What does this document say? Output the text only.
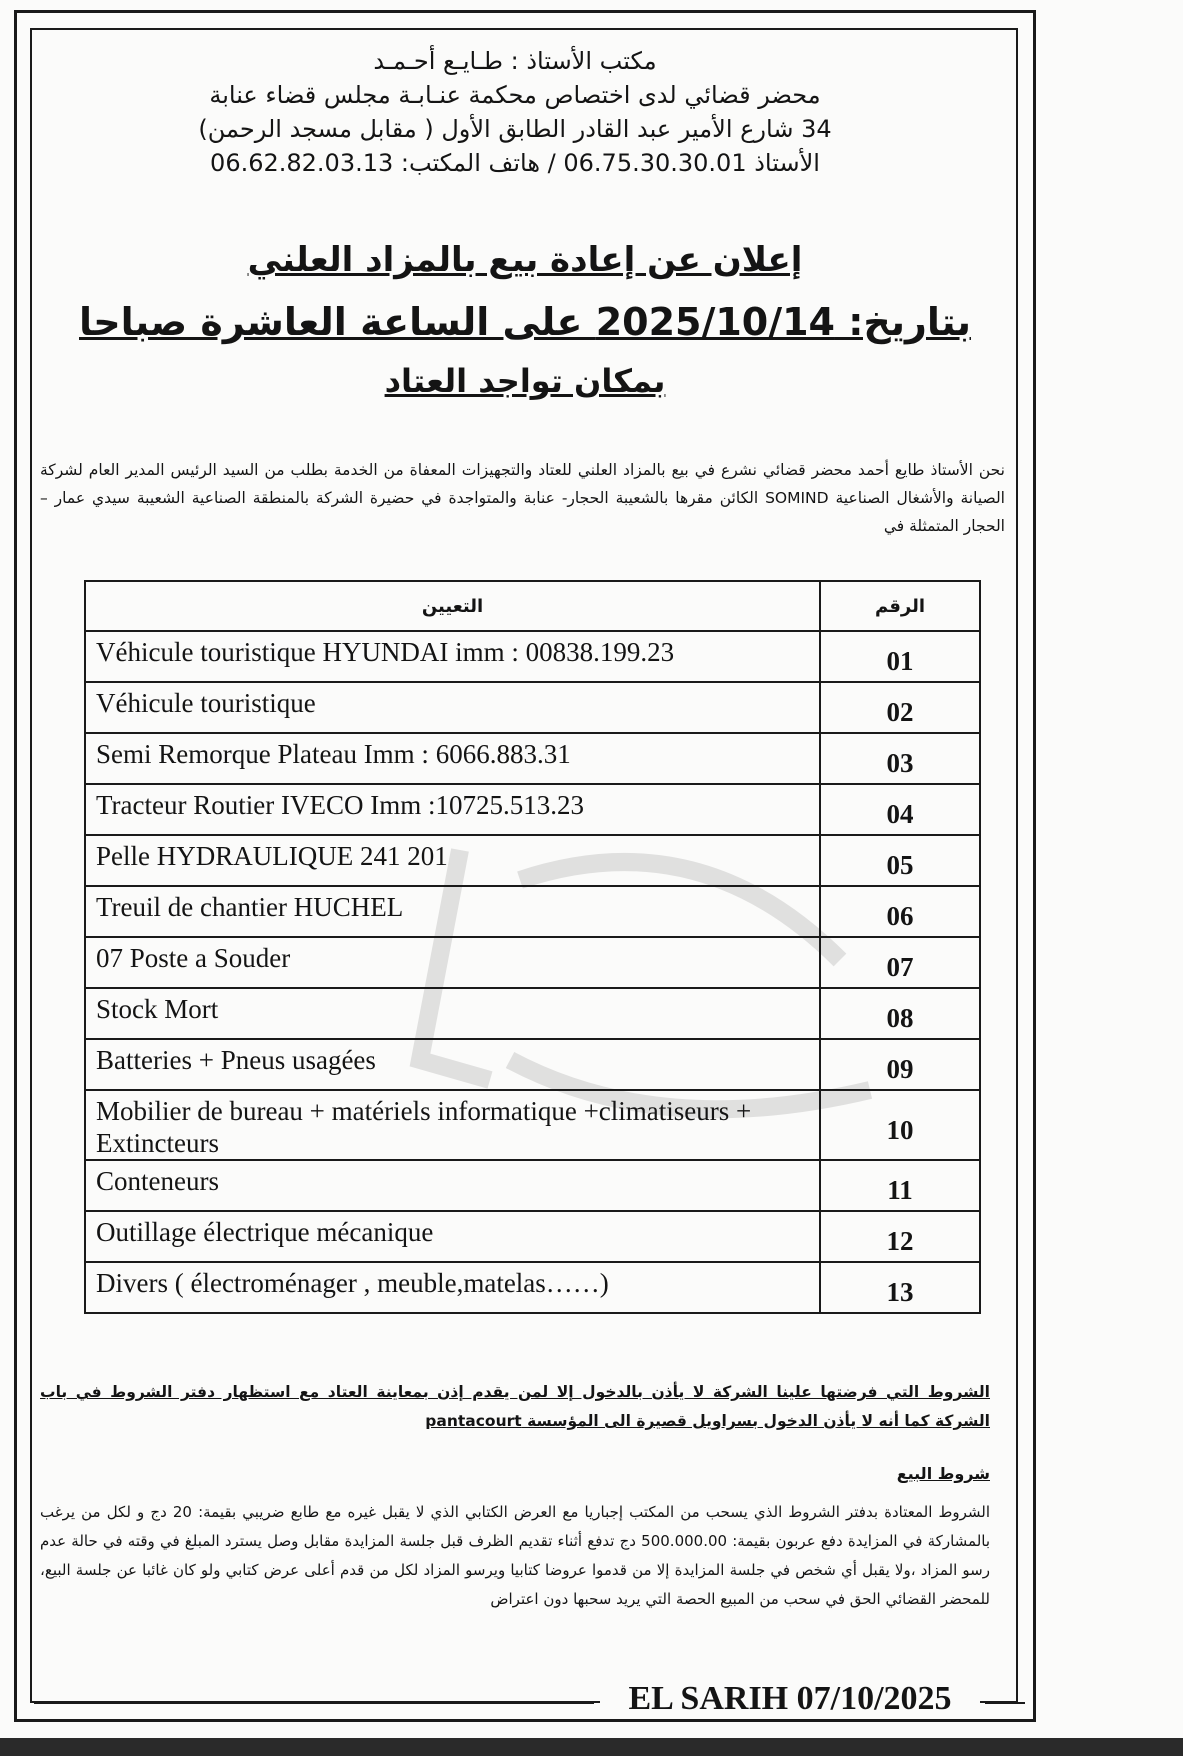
مكتب الأستاذ : طـايـع أحـمـد
محضر قضائي لدى اختصاص محكمة عنـابـة مجلس قضاء عنابة
34 شارع الأمير عبد القادر الطابق الأول ( مقابل مسجد الرحمن)
الأستاذ 06.75.30.30.01 / هاتف المكتب: 06.62.82.03.13
إعلان عن إعادة بيع بالمزاد العلني
بتاريخ: 2025/10/14 على الساعة العاشرة صباحا
بمكان تواجد العتاد
نحن الأستاذ طايع أحمد محضر قضائي نشرع في بيع بالمزاد العلني للعتاد والتجهيزات المعفاة من الخدمة بطلب من السيد الرئيس المدير العام لشركة الصيانة والأشغال الصناعية SOMIND الكائن مقرها بالشعيبة الحجار- عنابة والمتواجدة في حضيرة الشركة بالمنطقة الصناعية الشعيبة سيدي عمار – الحجار المتمثلة في
التعيين	الرقم
Véhicule touristique HYUNDAI imm : 00838.199.23	01
Véhicule touristique	02
Semi Remorque Plateau Imm : 6066.883.31	03
Tracteur Routier IVECO Imm :10725.513.23	04
Pelle HYDRAULIQUE 241 201	05
Treuil de chantier HUCHEL	06
07 Poste a Souder	07
Stock Mort	08
Batteries + Pneus usagées	09
Mobilier de bureau + matériels informatique +climatiseurs + Extincteurs	10
Conteneurs	11
Outillage électrique mécanique	12
Divers ( électroménager , meuble,matelas……)	13
الشروط التي فرضتها علينا الشركة لا يأذن بالدخول إلا لمن يقدم إذن بمعاينة العتاد مع استظهار دفتر الشروط في باب الشركة كما أنه لا يأذن الدخول بسراويل قصيرة الى المؤسسة pantacourt
شروط البيع
الشروط المعتادة بدفتر الشروط الذي يسحب من المكتب إجباريا مع العرض الكتابي الذي لا يقبل غيره مع طابع ضريبي بقيمة: 20 دج و لكل من يرغب بالمشاركة في المزايدة دفع عربون بقيمة: 500.000.00 دج تدفع أثناء تقديم الظرف قبل جلسة المزايدة مقابل وصل يسترد المبلغ في وقته في حالة عدم رسو المزاد ،ولا يقبل أي شخص في جلسة المزايدة إلا من قدموا عروضا كتابيا ويرسو المزاد لكل من قدم أعلى عرض كتابي ولو كان غائبا عن جلسة البيع، للمحضر القضائي الحق في سحب من المبيع الحصة التي يريد سحبها دون اعتراض
EL SARIH 07/10/2025
